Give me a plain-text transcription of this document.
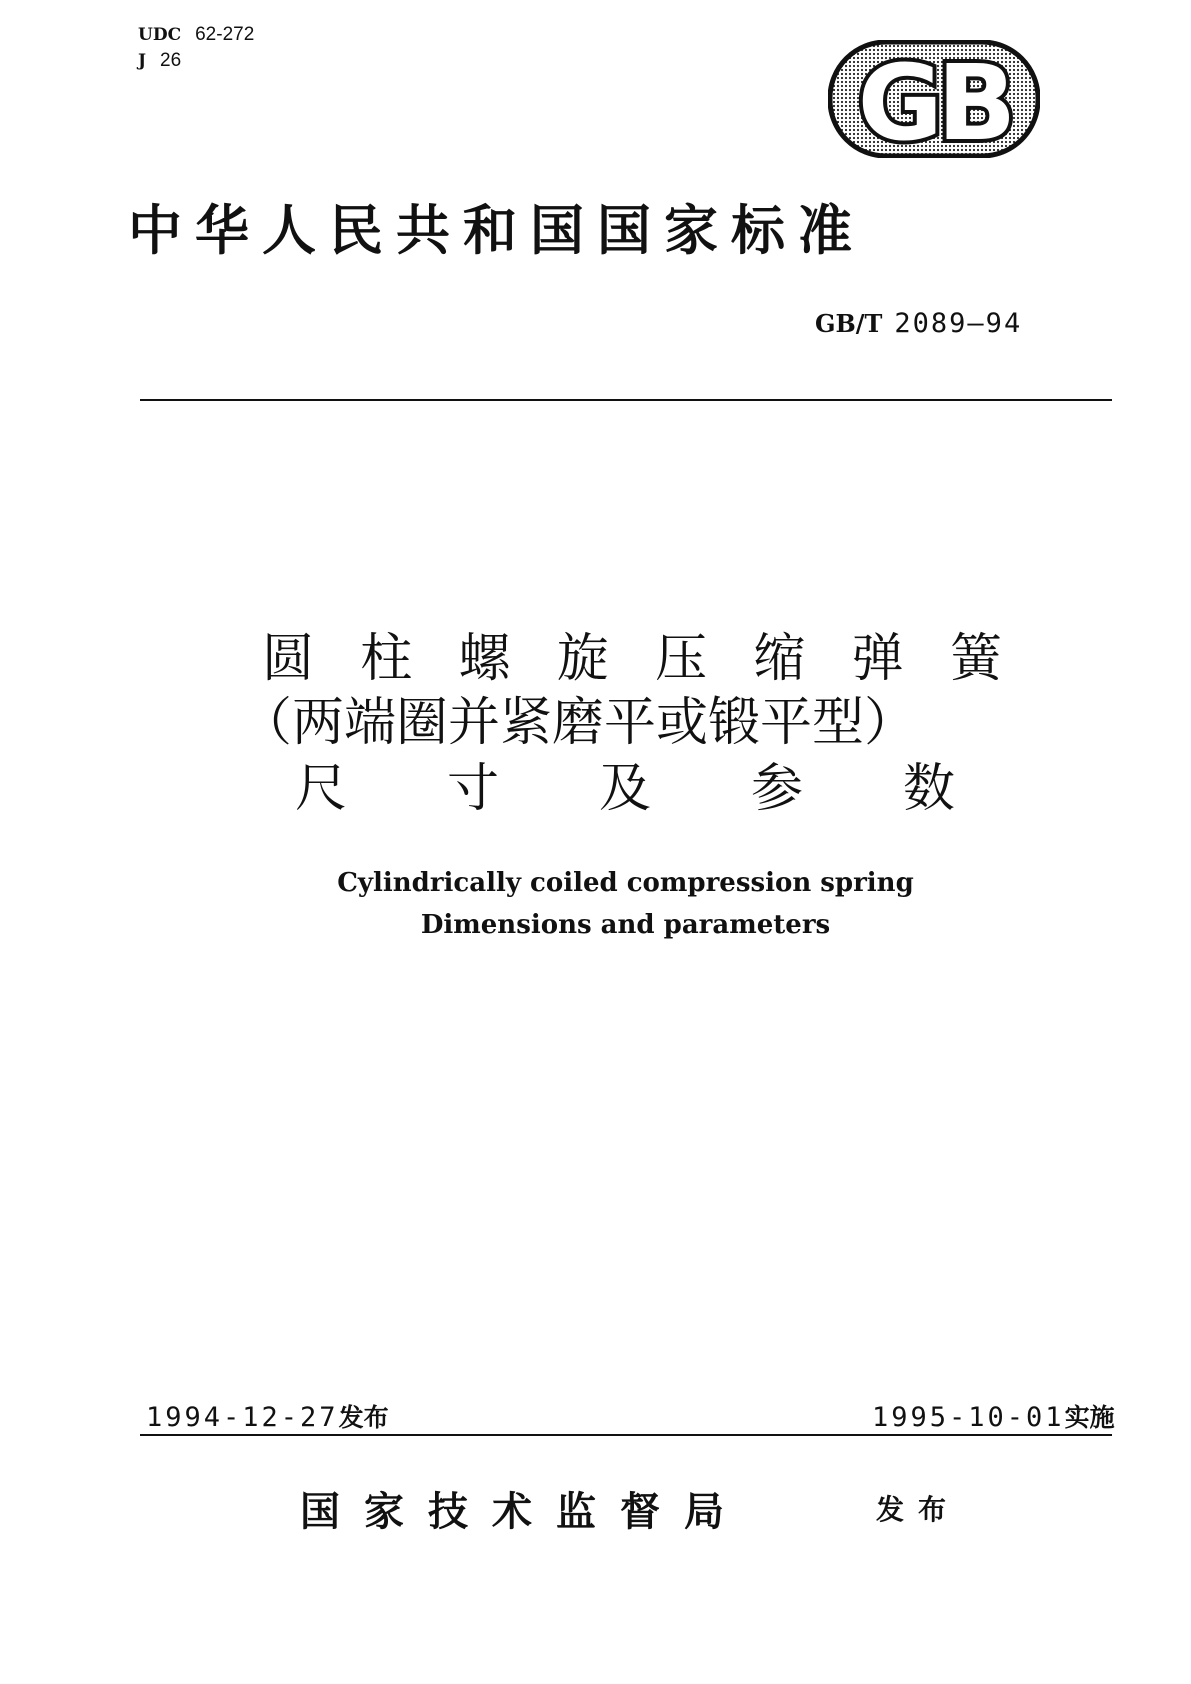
UDC 62-272
J 26	GB
中华人民共和国国家标准
GB/T 2089—94
圆 柱 螺 旋 压 缩 弹 簧
（两端圈并紧磨平或锻平型）
尺 寸 及 参 数
Cylindrically coiled compression spring
Dimensions and parameters
1994-12-27发布	1995-10-01实施
国家技术监督局	发布
